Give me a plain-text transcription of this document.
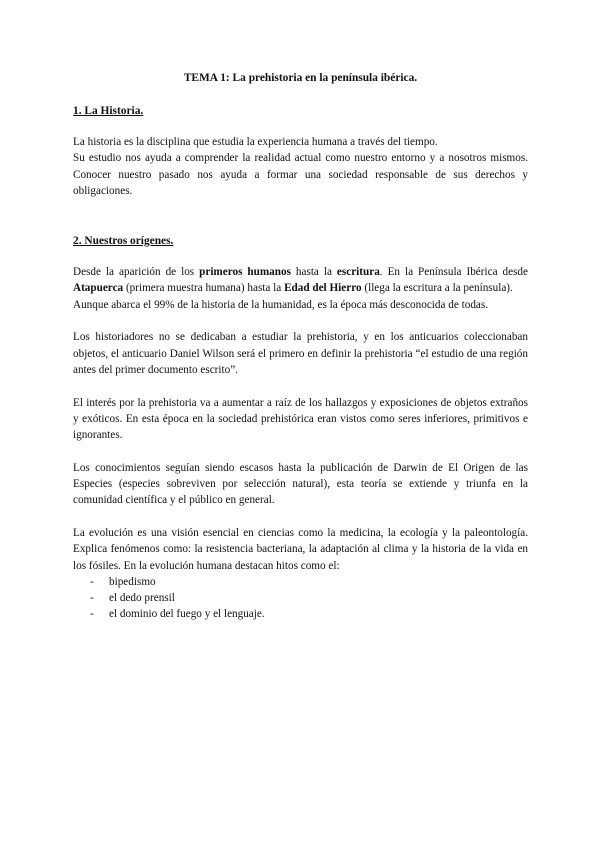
TEMA 1: La prehistoria en la península ibérica.
1. La Historia.

La historia es la disciplina que estudia la experiencia humana a través del tiempo.

Su estudio nos ayuda a comprender la realidad actual como nuestro entorno y a nosotros mismos. Conocer nuestro pasado nos ayuda a formar una sociedad responsable de sus derechos y obligaciones.

2. Nuestros orígenes.

Desde la aparición de los primeros humanos hasta la escritura. En la Península Ibérica desde Atapuerca (primera muestra humana) hasta la Edad del Hierro (llega la escritura a la península).

Aunque abarca el 99% de la historia de la humanidad, es la época más desconocida de todas.

Los historiadores no se dedicaban a estudiar la prehistoria, y en los anticuarios coleccionaban objetos, el anticuario Daniel Wilson será el primero en definir la prehistoria “el estudio de una región antes del primer documento escrito”.

El interés por la prehistoria va a aumentar a raíz de los hallazgos y exposiciones de objetos extraños y exóticos. En esta época en la sociedad prehistórica eran vistos como seres inferiores, primitivos e ignorantes.

Los conocimientos seguían siendo escasos hasta la publicación de Darwin de El Origen de las Especies (especies sobreviven por selección natural), esta teoría se extiende y triunfa en la comunidad científica y el público en general.

La evolución es una visión esencial en ciencias como la medicina, la ecología y la paleontología. Explica fenómenos como: la resistencia bacteriana, la adaptación al clima y la historia de la vida en los fósiles. En la evolución humana destacan hitos como el:

- bipedismo
- el dedo prensil
- el dominio del fuego y el lenguaje.
